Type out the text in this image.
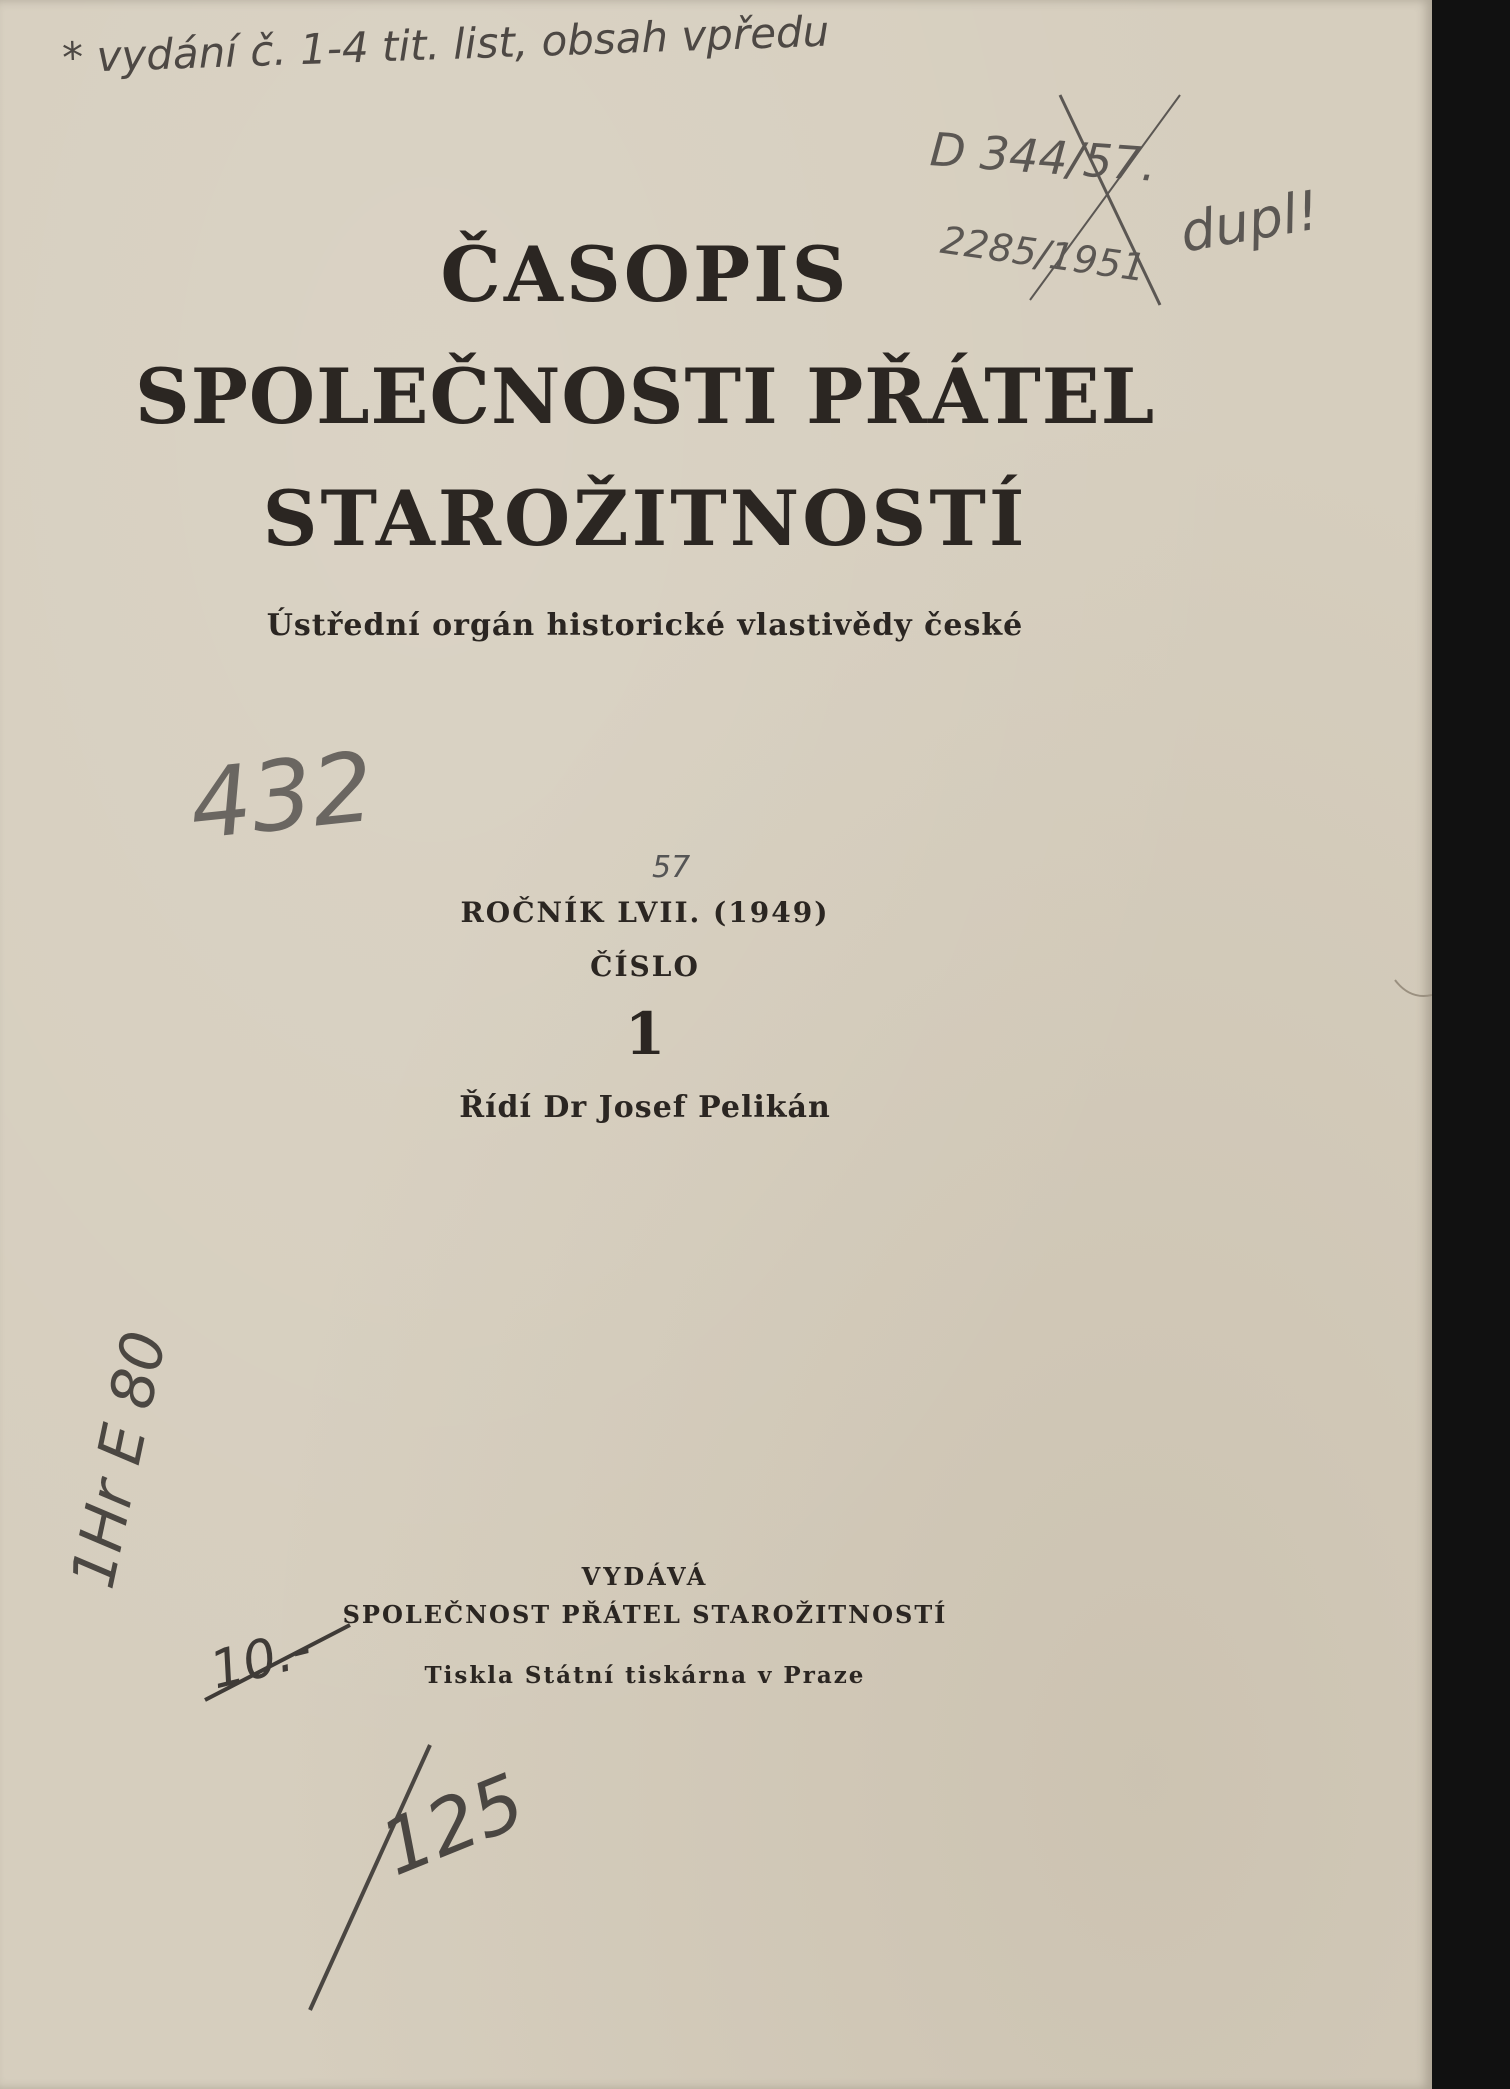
ČASOPIS
SPOLEČNOSTI PŘÁTEL
STAROŽITNOSTÍ
Ústřední orgán historické vlastivědy české
ROČNÍK LVII. (1949)
ČÍSLO
1
Řídí Dr Josef Pelikán
VYDÁVÁ
SPOLEČNOST PŘÁTEL STAROŽITNOSTÍ
Tiskla Státní tiskárna v Praze
* vydání č. 1-4 tit. list, obsah vpředu
D 344/57.
2285/1951 dupl!
57
432
1Hr E 80
10.-
125
